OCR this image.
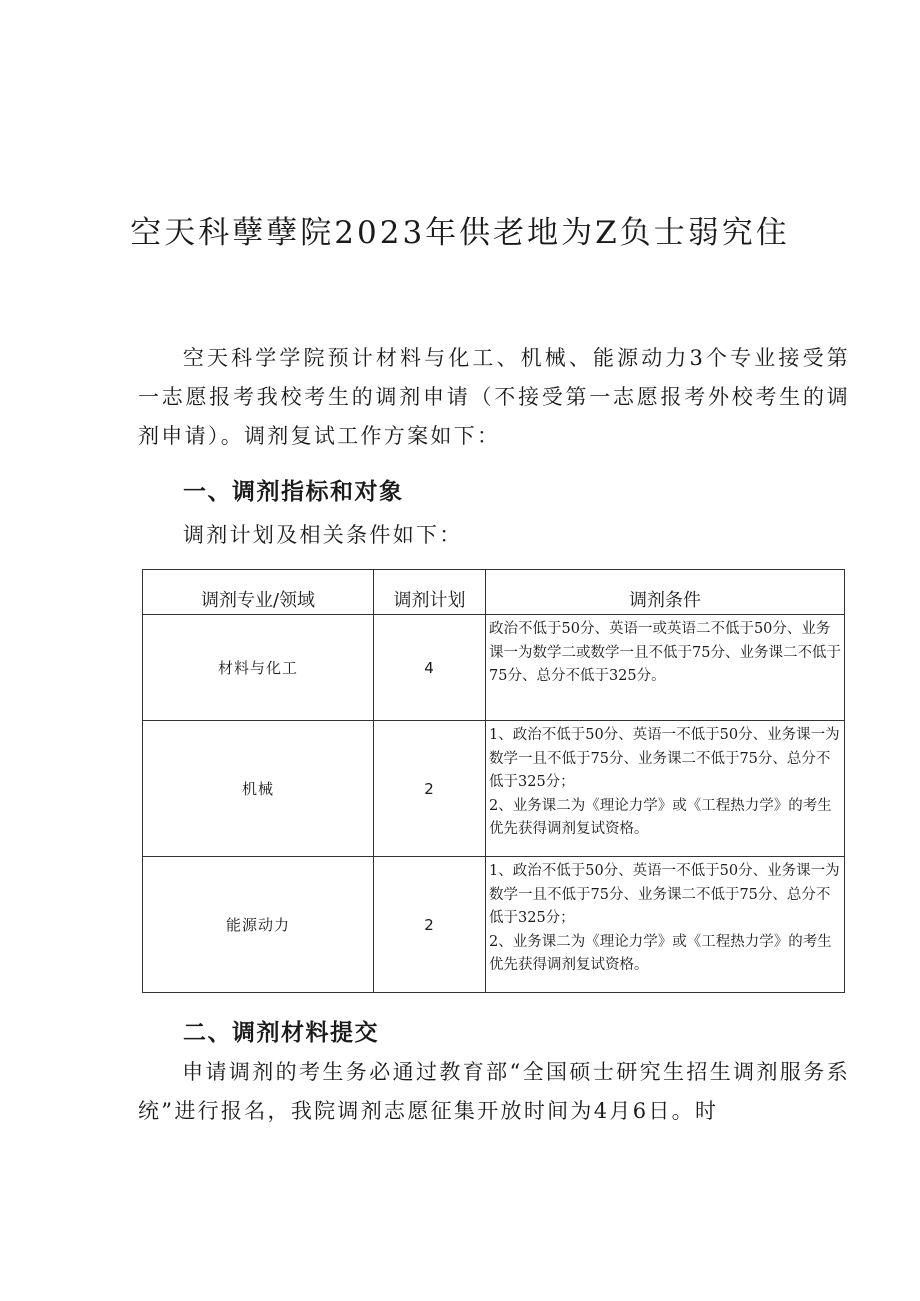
空天科孽孽院2023年供老地为Z负士弱究住
空天科学学院预计材料与化工、机械、能源动力3个专业接受第一志愿报考我校考生的调剂申请（不接受第一志愿报考外校考生的调剂申请）。调剂复试工作方案如下：
一、调剂指标和对象
调剂计划及相关条件如下：
调剂专业/领域	调剂计划	调剂条件
材料与化工	4	政治不低于50分、英语一或英语二不低于50分、业务课一为数学二或数学一且不低于75分、业务课二不低于75分、总分不低于325分。
机械	2	1、政治不低于50分、英语一不低于50分、业务课一为数学一且不低于75分、业务课二不低于75分、总分不低于325分；
2、业务课二为《理论力学》或《工程热力学》的考生优先获得调剂复试资格。

能源动力	2	1、政治不低于50分、英语一不低于50分、业务课一为数学一且不低于75分、业务课二不低于75分、总分不低于325分；
2、业务课二为《理论力学》或《工程热力学》的考生优先获得调剂复试资格。
二、调剂材料提交
申请调剂的考生务必通过教育部“全国硕士研究生招生调剂服务系统”进行报名，我院调剂志愿征集开放时间为4月6日。时
